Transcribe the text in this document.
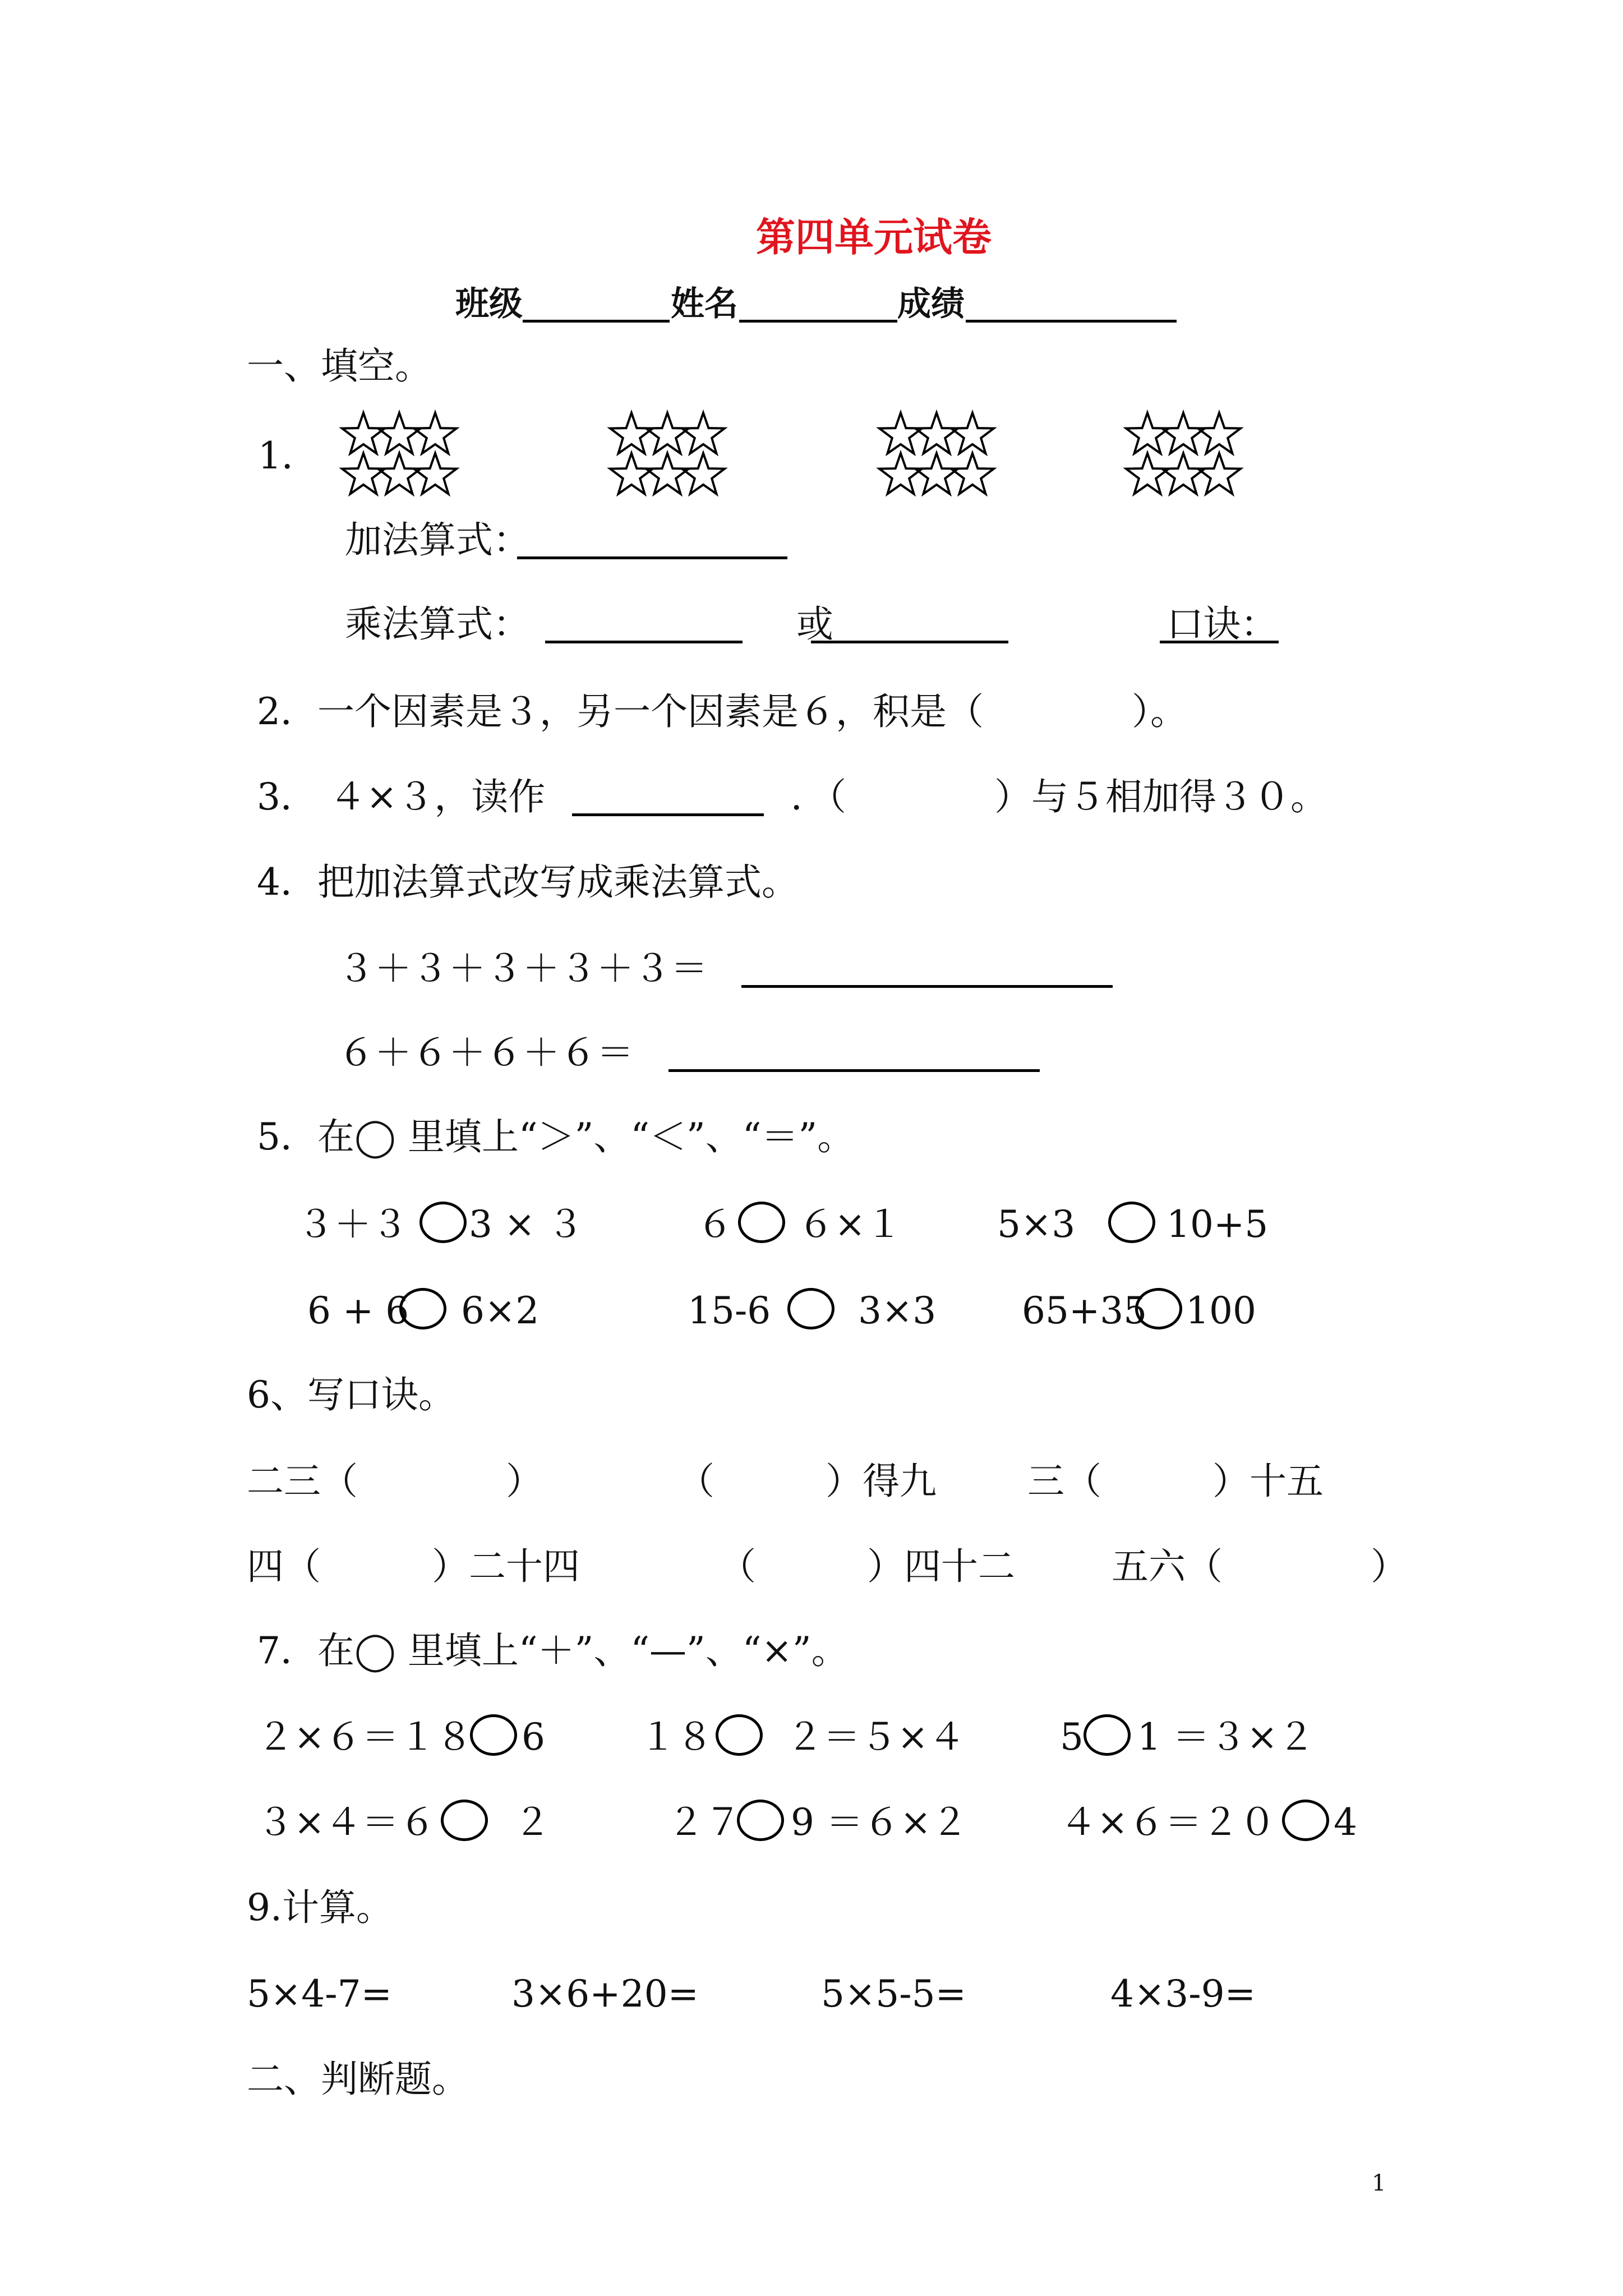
第四单元试卷
班级	姓名	成绩
一、填空。
1．
加法算式：
乘法算式：	或	口诀：
2．一个因素是３，另一个因素是６，积是（　　　　）。
3． ４×３，读作	．（　　　　）与５相加得３０。
4．把加法算式改写成乘法算式。
３＋３＋３＋３＋３＝
６＋６＋６＋６＝
5．在◯ 里填上“＞”、“＜”、“＝”。
３＋３ 3 × ３	６ ６×１	5×3 10+5
6 + 6 6×2	15-6 3×3 65+35 100
6、写口诀。
二三（　　　　）	（　　　）得九 三（　　　）十五
四（　　　）二十四	（　　　）四十二	五六（　　　　）
7．在◯ 里填上“＋”、“—”、“×”。
２×６＝１８ 6	１８ ２＝５×４	5 1 ＝３×２
３×４＝６ ２	２７ 9 ＝６×２ ４×６＝２０ 4
9.计算。
5×4-7=	3×6+20=	5×5-5=	4×3-9=
二、判断题。
1
